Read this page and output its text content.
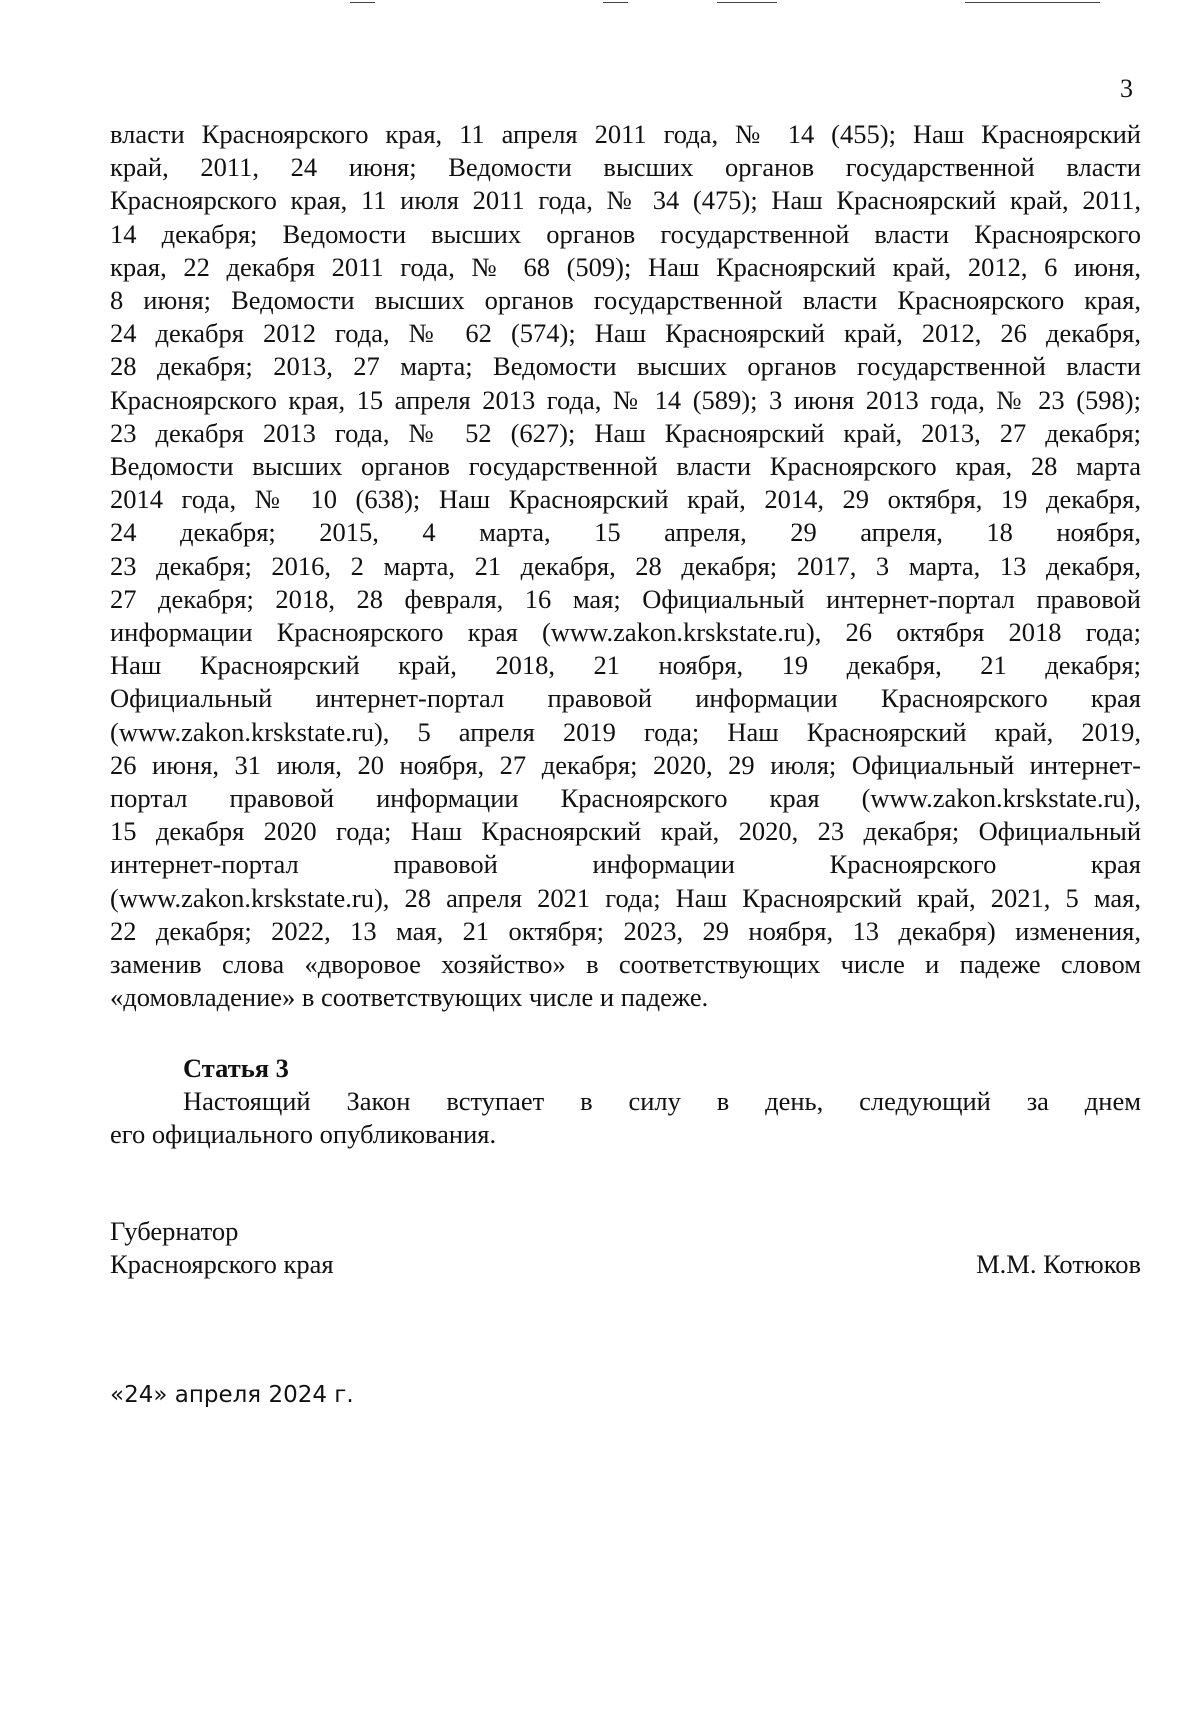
3
власти Красноярского края, 11 апреля 2011 года, № 14 (455); Наш Красноярский
край, 2011, 24 июня; Ведомости высших органов государственной власти
Красноярского края, 11 июля 2011 года, № 34 (475); Наш Красноярский край, 2011,
14 декабря; Ведомости высших органов государственной власти Красноярского
края, 22 декабря 2011 года, № 68 (509); Наш Красноярский край, 2012, 6 июня,
8 июня; Ведомости высших органов государственной власти Красноярского края,
24 декабря 2012 года, № 62 (574); Наш Красноярский край, 2012, 26 декабря,
28 декабря; 2013, 27 марта; Ведомости высших органов государственной власти
Красноярского края, 15 апреля 2013 года, № 14 (589); 3 июня 2013 года, № 23 (598);
23 декабря 2013 года, № 52 (627); Наш Красноярский край, 2013, 27 декабря;
Ведомости высших органов государственной власти Красноярского края, 28 марта
2014 года, № 10 (638); Наш Красноярский край, 2014, 29 октября, 19 декабря,
24 декабря; 2015, 4 марта, 15 апреля, 29 апреля, 18 ноября,
23 декабря; 2016, 2 марта, 21 декабря, 28 декабря; 2017, 3 марта, 13 декабря,
27 декабря; 2018, 28 февраля, 16 мая; Официальный интернет-портал правовой
информации Красноярского края (www.zakon.krskstate.ru), 26 октября 2018 года;
Наш Красноярский край, 2018, 21 ноября, 19 декабря, 21 декабря;
Официальный интернет-портал правовой информации Красноярского края
(www.zakon.krskstate.ru), 5 апреля 2019 года; Наш Красноярский край, 2019,
26 июня, 31 июля, 20 ноября, 27 декабря; 2020, 29 июля; Официальный интернет-
портал правовой информации Красноярского края (www.zakon.krskstate.ru),
15 декабря 2020 года; Наш Красноярский край, 2020, 23 декабря; Официальный
интернет-портал правовой информации Красноярского края
(www.zakon.krskstate.ru), 28 апреля 2021 года; Наш Красноярский край, 2021, 5 мая,
22 декабря; 2022, 13 мая, 21 октября; 2023, 29 ноября, 13 декабря) изменения,
заменив слова «дворовое хозяйство» в соответствующих числе и падеже словом
«домовладение» в соответствующих числе и падеже.
Статья 3
Настоящий Закон вступает в силу в день, следующий за днем
его официального опубликования.
Губернатор
Красноярского края	М.М. Котюков
«24» апреля 2024 г.
